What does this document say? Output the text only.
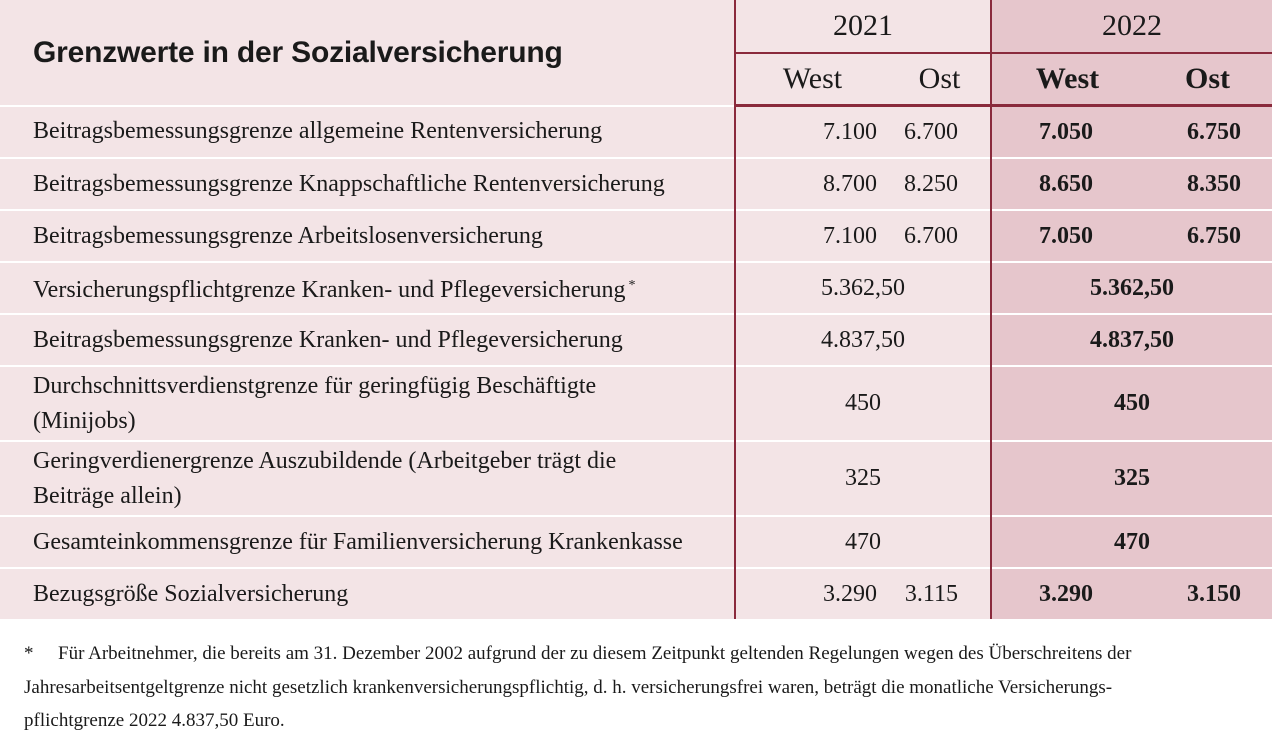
Grenzwerte in der Sozialversicherung	2021		2022	
	West	Ost	West	Ost
Beitragsbemessungsgrenze allgemeine Rentenversicherung	7.100	6.700	7.050	6.750
Beitragsbemessungsgrenze Knappschaftliche Rentenversicherung	8.700	8.250	8.650	8.350
Beitragsbemessungsgrenze Arbeitslosenversicherung	7.100	6.700	7.050	6.750
Versicherungspflichtgrenze Kranken- und Pflegeversicherung *	5.362,50		5.362,50	
Beitragsbemessungsgrenze Kranken- und Pflegeversicherung	4.837,50		4.837,50	

Durchschnittsverdienstgrenze für geringfügig Beschäftigte
(Minijobs)	450		450	

Geringverdienergrenze Auszubildende (Arbeitgeber trägt die
Beiträge allein)	325		325	
Gesamteinkommensgrenze für Familienversicherung Krankenkasse	470		470	
Bezugsgröße Sozialversicherung	3.290	3.115	3.290	3.150
* Für Arbeitnehmer, die bereits am 31. Dezember 2002 aufgrund der zu diesem Zeitpunkt geltenden Regelungen wegen des Überschreitens der
Jahresarbeitsentgeltgrenze nicht gesetzlich krankenversicherungspflichtig, d. h. versicherungsfrei waren, beträgt die monatliche Versicherungs-
pflichtgrenze 2022 4.837,50 Euro.
